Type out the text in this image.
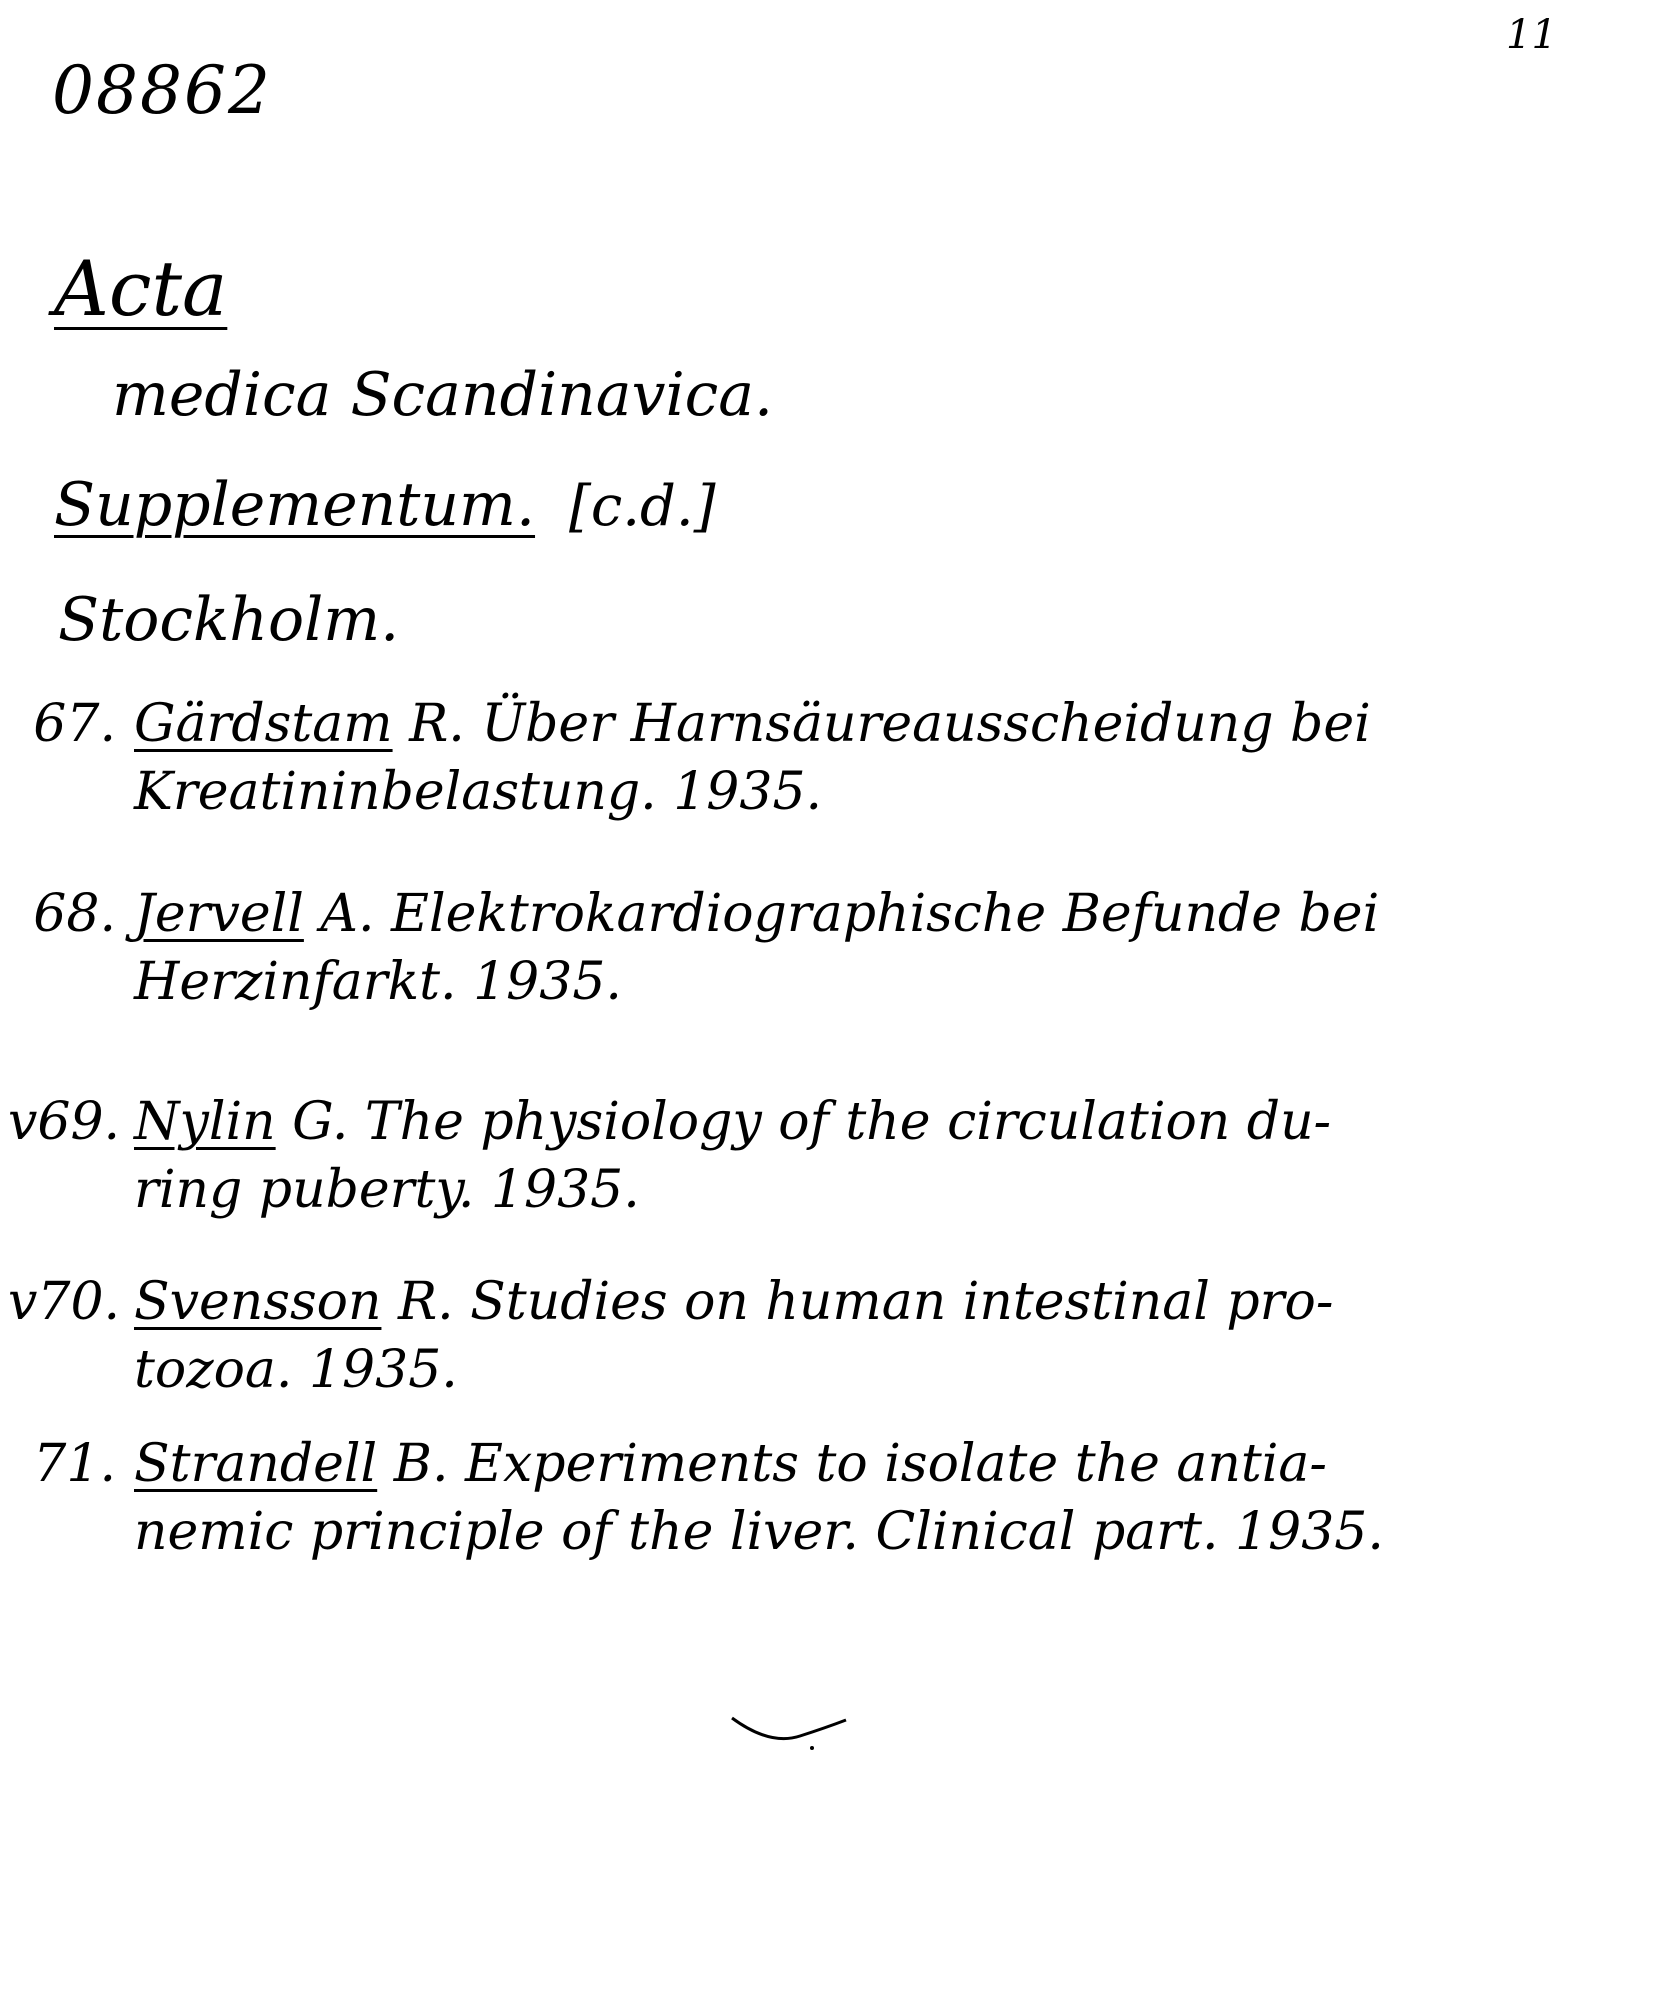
08862
11
Acta
medica Scandinavica.
Supplementum. [c.d.]
Stockholm.
67. Gärdstam R. Über Harnsäureausscheidung bei
Kreatininbelastung. 1935.
68. Jervell A. Elektrokardiographische Befunde bei
Herzinfarkt. 1935.
v69. Nylin G. The physiology of the circulation du-
ring puberty. 1935.
v70. Svensson R. Studies on human intestinal pro-
tozoa. 1935.
71. Strandell B. Experiments to isolate the antia-
nemic principle of the liver. Clinical part. 1935.
